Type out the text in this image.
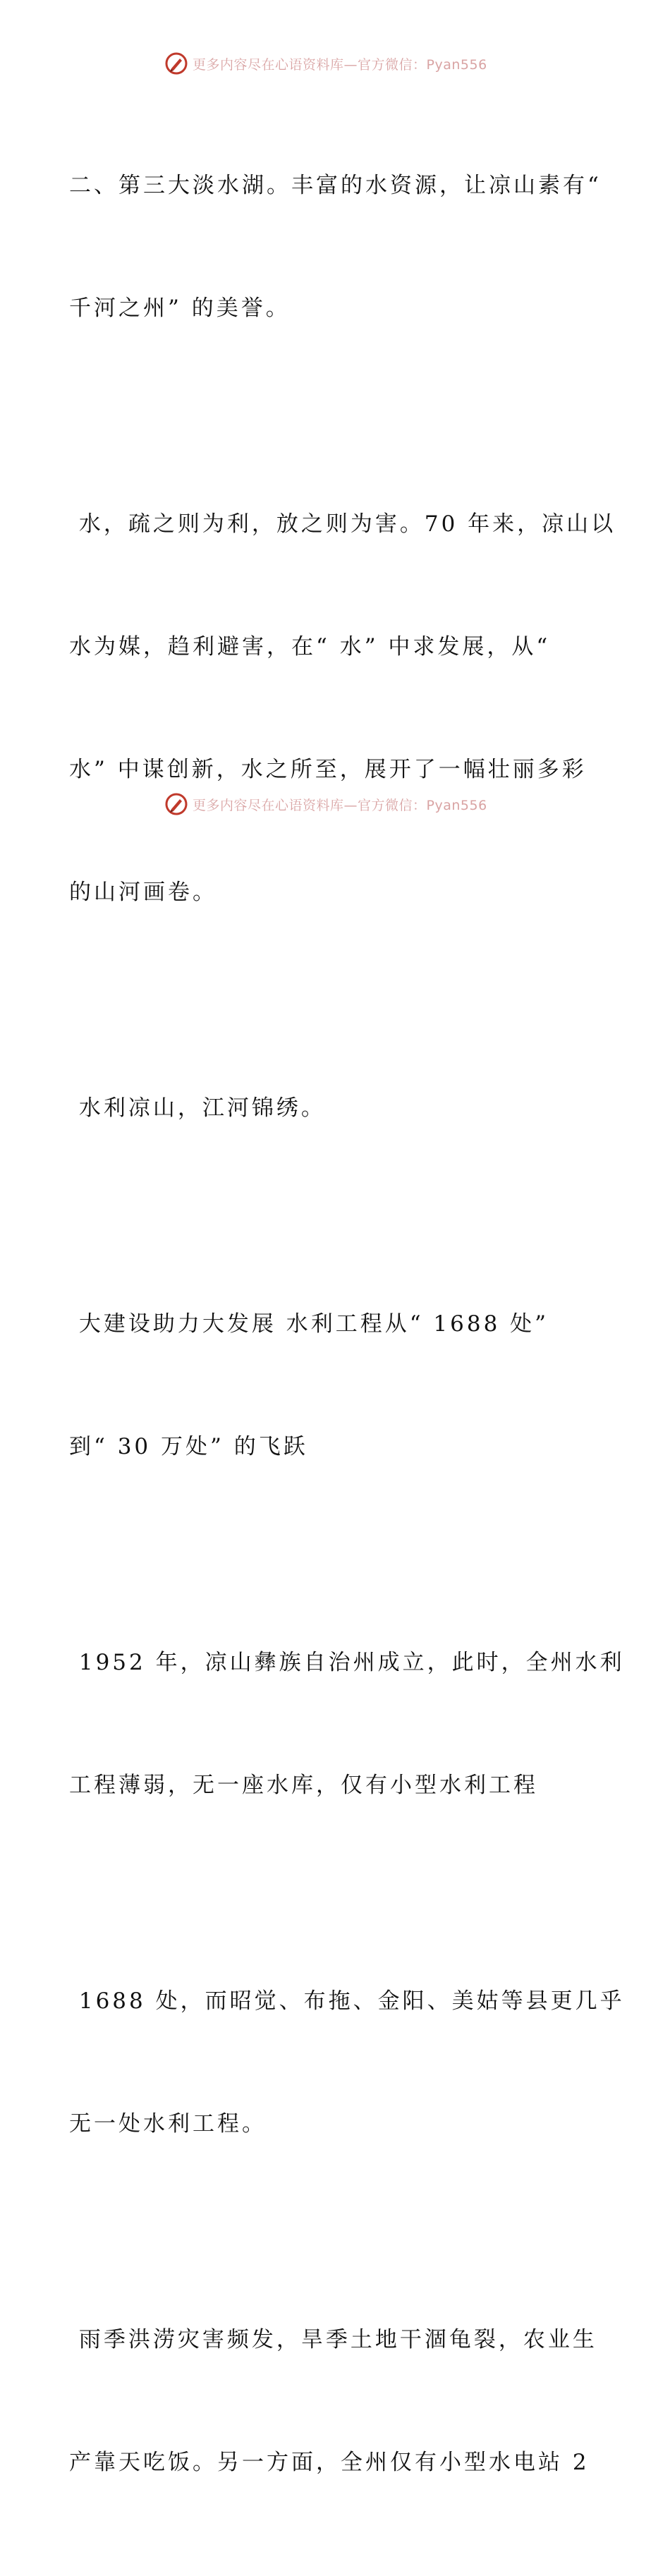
更多内容尽在心语资料库—官方微信：Pyan556

二、第三大淡水湖。丰富的水资源，让凉山素有“

千河之州” 的美誉。

水，疏之则为利，放之则为害。70 年来，凉山以

水为媒，趋利避害，在“ 水” 中求发展，从“

水” 中谋创新，水之所至，展开了一幅壮丽多彩

的山河画卷。

水利凉山，江河锦绣。

大建设助力大发展 水利工程从“ 1688 处”

到“ 30 万处” 的飞跃

1952 年，凉山彝族自治州成立，此时，全州水利

工程薄弱，无一座水库，仅有小型水利工程

1688 处，而昭觉、布拖、金阳、美姑等县更几乎

无一处水利工程。

雨季洪涝灾害频发，旱季土地干涸龟裂，农业生

产靠天吃饭。另一方面，全州仅有小型水电站 2

更多内容尽在心语资料库—官方微信：Pyan556
